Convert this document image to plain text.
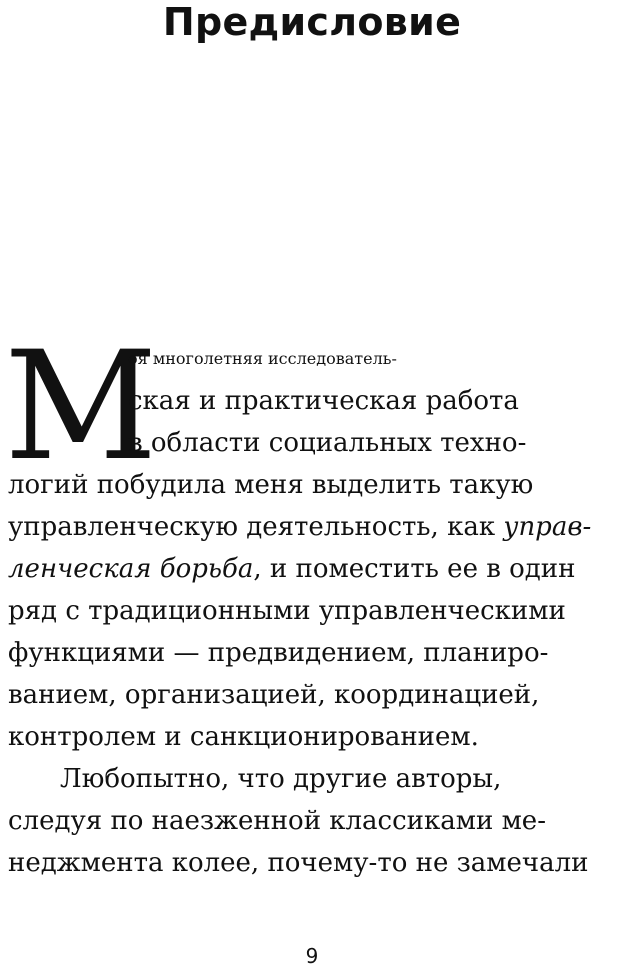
Предисловие
М
оя многолетняя исследователь-
ская и практическая работа
в области социальных техно-
логий побудила меня выделить такую
управленческую деятельность, как управ-
ленческая борьба, и поместить ее в один
ряд с традиционными управленческими
функциями — предвидением, планиро-
ванием, организацией, координацией,
контролем и санкционированием.
Любопытно, что другие авторы,
следуя по наезженной классиками ме-
неджмента колее, почему-то не замечали
9
